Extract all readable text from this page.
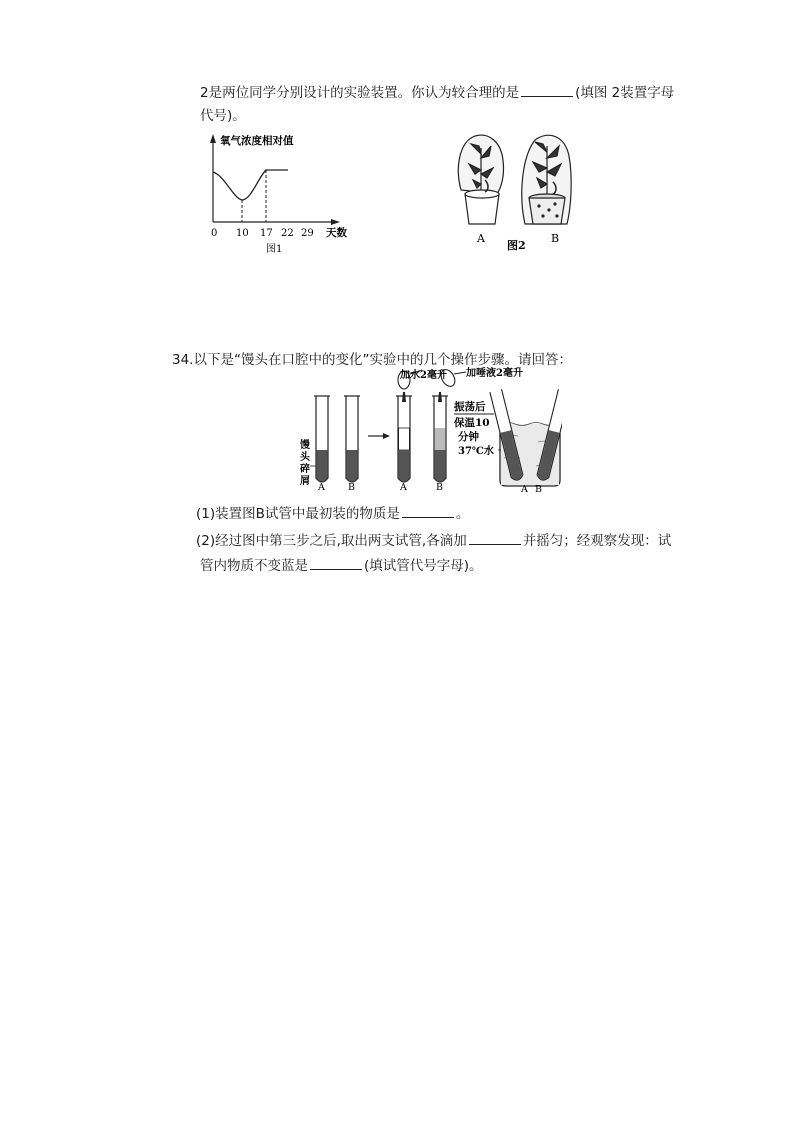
2是两位同学分别设计的实验装置。你认为较合理的是	(填图 2装置字母
代号)。
氧气浓度相对值
0 10 17 22 29 天数
图1
A
图2
B
34.以下是“馒头在口腔中的变化”实验中的几个操作步骤。请回答：
馒
头
碎
屑
A B
加水2毫升 加唾液2毫升
A	B
振荡后
保温10
分钟
37℃水
A B
(1)装置图B试管中最初装的物质是	。
(2)经过图中第三步之后,取出两支试管,各滴加	并摇匀；经观察发现：试
管内物质不变蓝是	(填试管代号字母)。
